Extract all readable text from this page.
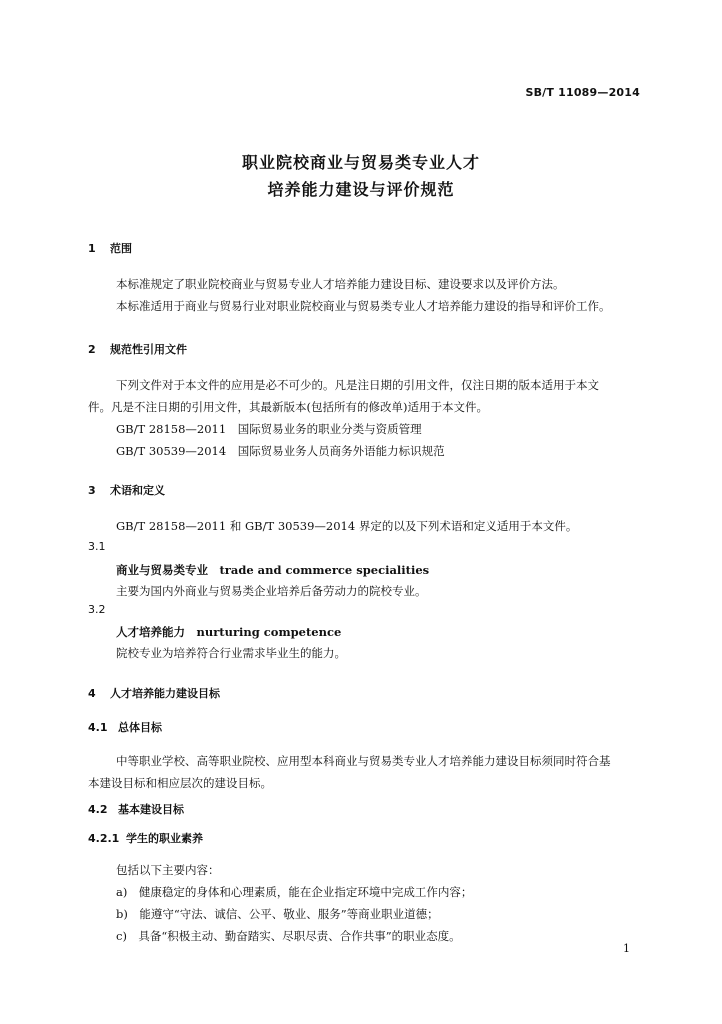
SB/T 11089—2014
职业院校商业与贸易类专业人才
培养能力建设与评价规范
1 范围
本标准规定了职业院校商业与贸易专业人才培养能力建设目标、建设要求以及评价方法。
本标准适用于商业与贸易行业对职业院校商业与贸易类专业人才培养能力建设的指导和评价工作。
2 规范性引用文件
下列文件对于本文件的应用是必不可少的。凡是注日期的引用文件，仅注日期的版本适用于本文
件。凡是不注日期的引用文件，其最新版本(包括所有的修改单)适用于本文件。
GB/T 28158—2011　国际贸易业务的职业分类与资质管理
GB/T 30539—2014　国际贸易业务人员商务外语能力标识规范
3 术语和定义
GB/T 28158—2011 和 GB/T 30539—2014 界定的以及下列术语和定义适用于本文件。
3.1
商业与贸易类专业　trade and commerce specialities
主要为国内外商业与贸易类企业培养后备劳动力的院校专业。
3.2
人才培养能力　nurturing competence
院校专业为培养符合行业需求毕业生的能力。
4 人才培养能力建设目标
4.1 总体目标
中等职业学校、高等职业院校、应用型本科商业与贸易类专业人才培养能力建设目标须同时符合基
本建设目标和相应层次的建设目标。
4.2 基本建设目标
4.2.1 学生的职业素养
包括以下主要内容：
a)　健康稳定的身体和心理素质，能在企业指定环境中完成工作内容；
b)　能遵守“守法、诚信、公平、敬业、服务”等商业职业道德；
c)　具备“积极主动、勤奋踏实、尽职尽责、合作共事”的职业态度。
1
